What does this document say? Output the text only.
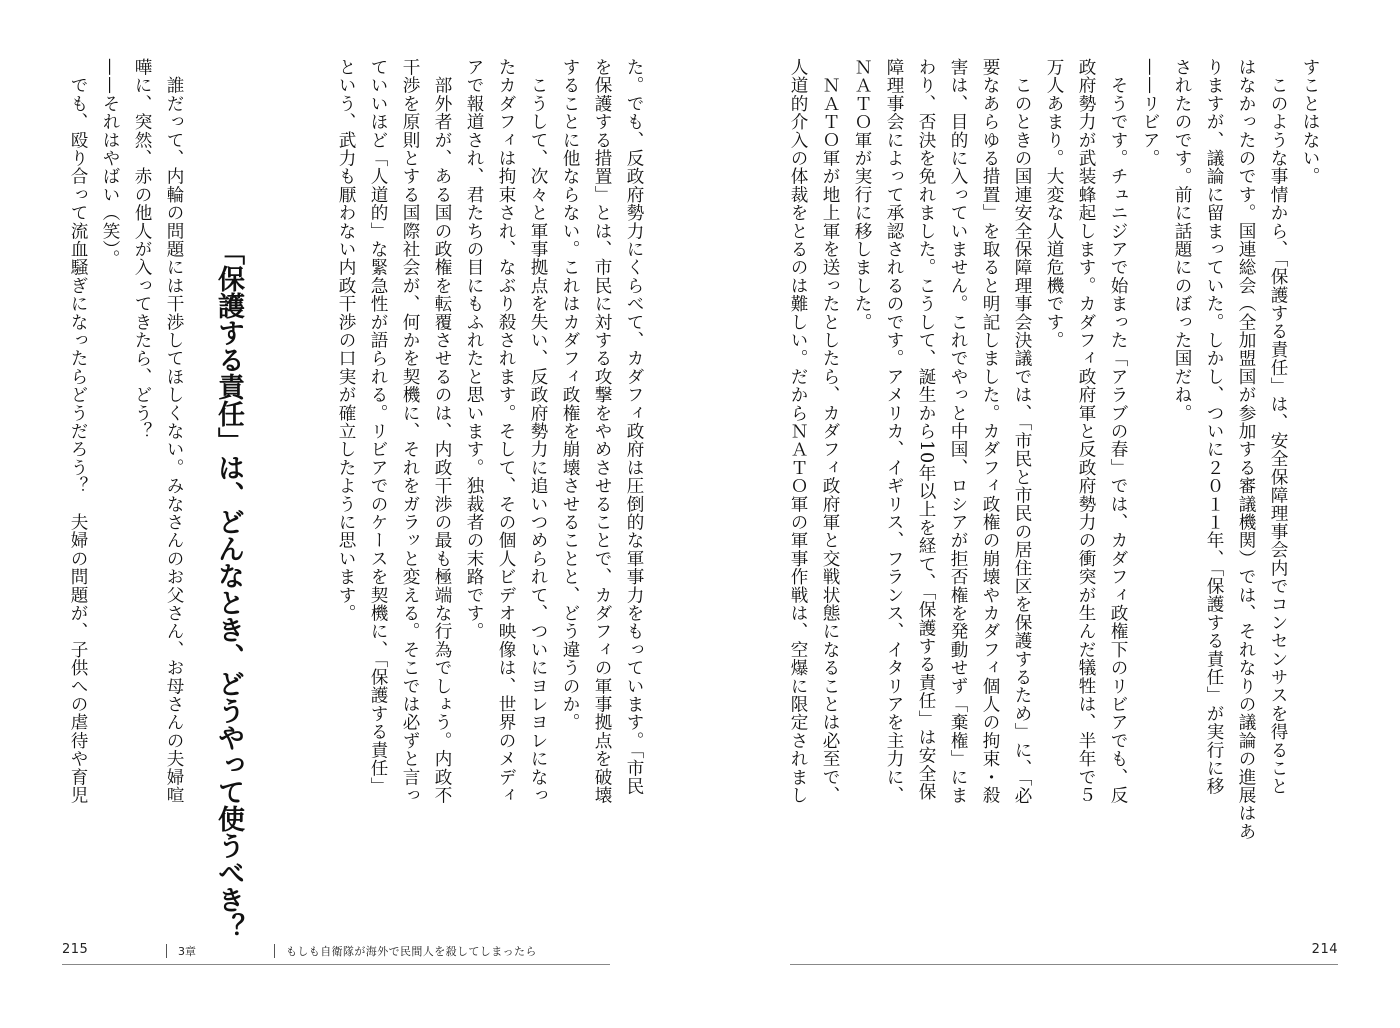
すことはない。

　このような事情から、「保護する責任」は、安全保障理事会内でコンセンサスを得ること

はなかったのです。国連総会（全加盟国が参加する審議機関）では、それなりの議論の進展はあ

りますが、議論に留まっていた。しかし、ついに２０１１年、「保護する責任」が実行に移

されたのです。前に話題にのぼった国だね。

——リビア。

　そうです。チュニジアで始まった「アラブの春」では、カダフィ政権下のリビアでも、反

政府勢力が武装蜂起します。カダフィ政府軍と反政府勢力の衝突が生んだ犠牲は、半年で５

万人あまり。大変な人道危機です。

　このときの国連安全保障理事会決議では、「市民と市民の居住区を保護するため」に、「必

要なあらゆる措置」を取ると明記しました。カダフィ政権の崩壊やカダフィ個人の拘束・殺

害は、目的に入っていません。これでやっと中国、ロシアが拒否権を発動せず「棄権」にま

わり、否決を免れました。こうして、誕生から10年以上を経て、「保護する責任」は安全保

障理事会によって承認されるのです。アメリカ、イギリス、フランス、イタリアを主力に、

ＮＡＴＯ軍が実行に移しました。

　ＮＡＴＯ軍が地上軍を送ったとしたら、カダフィ政府軍と交戦状態になることは必至で、

人道的介入の体裁をとるのは難しい。だからＮＡＴＯ軍の軍事作戦は、空爆に限定されまし

214

た。でも、反政府勢力にくらべて、カダフィ政府は圧倒的な軍事力をもっています。「市民

を保護する措置」とは、市民に対する攻撃をやめさせることで、カダフィの軍事拠点を破壊

することに他ならない。これはカダフィ政権を崩壊させることと、どう違うのか。

　こうして、次々と軍事拠点を失い、反政府勢力に追いつめられて、ついにヨレヨレになっ

たカダフィは拘束され、なぶり殺されます。そして、その個人ビデオ映像は、世界のメディ

アで報道され、君たちの目にもふれたと思います。独裁者の末路です。

　部外者が、ある国の政権を転覆させるのは、内政干渉の最も極端な行為でしょう。内政不

干渉を原則とする国際社会が、何かを契機に、それをガラッと変える。そこでは必ずと言っ

ていいほど「人道的」な緊急性が語られる。リビアでのケースを契機に、「保護する責任」

という、武力も厭わない内政干渉の口実が確立したように思います。

「保護する責任」は、どんなとき、どうやって使うべき？

　誰だって、内輪の問題には干渉してほしくない。みなさんのお父さん、お母さんの夫婦喧

嘩に、突然、赤の他人が入ってきたら、どう？

——それはやばい（笑）。

　でも、殴り合って流血騒ぎになったらどうだろう？　夫婦の問題が、子供への虐待や育児

215	3章	もしも自衛隊が海外で民間人を殺してしまったら
